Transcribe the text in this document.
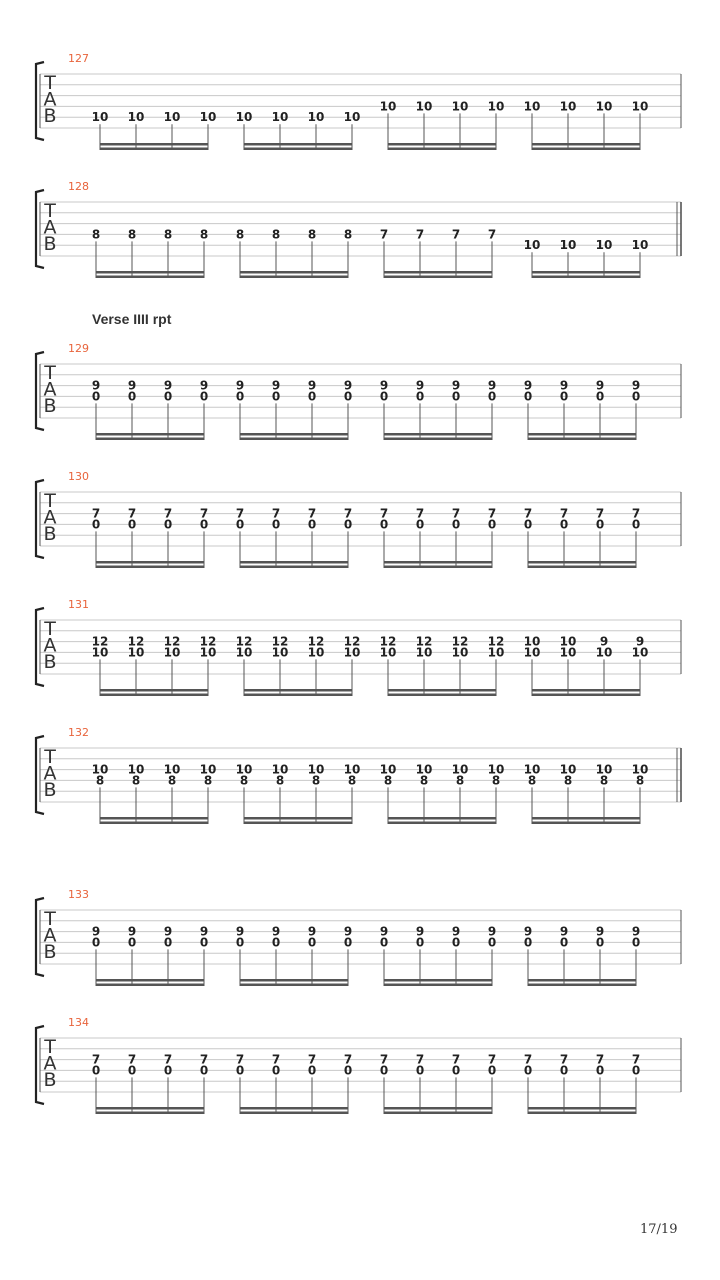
127
T
A
B	10 10 10 10 10 10 10 10
10 10 10 10 10 10 10 10
128
T
A
B	8 8 8 8 8 8 8 8 7 7 7 7
10 10 10 10
129
T
A
B
9 9 9 9
0 0 0 0
9 9 9 9
0 0 0 0
9 9 9 9
0 0 0 0
9 9 9 9
0 0 0 0
130
T
A
B
7 7 7 7
0 0 0 0
7 7 7 7
0 0 0 0
7 7 7 7
0 0 0 0
7 7 7 7
0 0 0 0
131
T
A
B
12 12 12 12
10 10 10 10
12 12 12 12
10 10 10 10
12 12 12 12
10 10 10 10
10 10 9 9
10 10 10 10
132
T
A
B
10 10 10 10
8 8 8 8
10 10 10 10
8 8 8 8
10 10 10 10
8 8 8 8
10 10 10 10
8 8 8 8
133
T
A
B
9 9 9 9
0 0 0 0
9 9 9 9
0 0 0 0
9 9 9 9
0 0 0 0
9 9 9 9
0 0 0 0
134
T
A
B
7 7 7 7
0 0 0 0
7 7 7 7
0 0 0 0
7 7 7 7
0 0 0 0
7 7 7 7
0 0 0 0
Verse IIII rpt
17/19
